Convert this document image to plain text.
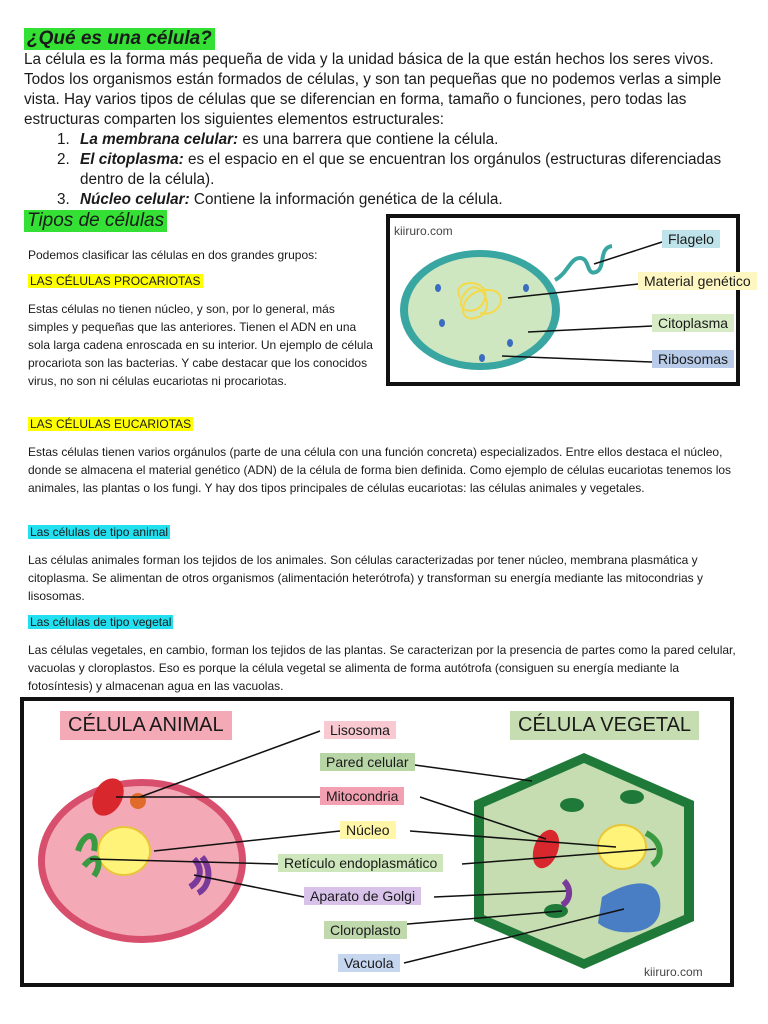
¿Qué es una célula?

La célula es la forma más pequeña de vida y la unidad básica de la que están hechos los seres vivos. Todos los organismos están formados de células, y son tan pequeñas que no podemos verlas a simple vista. Hay varios tipos de células que se diferencian en forma, tamaño o funciones, pero todas las estructuras comparten los siguientes elementos estructurales:

1. La membrana celular: es una barrera que contiene la célula.
2. El citoplasma: es el espacio en el que se encuentran los orgánulos (estructuras diferenciadas dentro de la célula).
3. Núcleo celular: Contiene la información genética de la célula.
Tipos de células
Podemos clasificar las células en dos grandes grupos:
LAS CÉLULAS PROCARIOTAS
Estas células no tienen núcleo, y son, por lo general, más simples y pequeñas que las anteriores. Tienen el ADN en una sola larga cadena enroscada en su interior. Un ejemplo de célula procariota son las bacterias. Y cabe destacar que los conocidos virus, no son ni células eucariotas ni procariotas.
LAS CÉLULAS EUCARIOTAS
Estas células tienen varios orgánulos (parte de una célula con una función concreta) especializados. Entre ellos destaca el núcleo, donde se almacena el material genético (ADN) de la célula de forma bien definida. Como ejemplo de células eucariotas tenemos los animales, las plantas o los fungi. Y hay dos tipos principales de células eucariotas: las células animales y vegetales.
Las células de tipo animal
Las células animales forman los tejidos de los animales. Son células caracterizadas por tener núcleo, membrana plasmática y citoplasma. Se alimentan de otros organismos (alimentación heterótrofa) y transforman su energía mediante las mitocondrias y lisosomas.
Las células de tipo vegetal
Las células vegetales, en cambio, forman los tejidos de las plantas. Se caracterizan por la presencia de partes como la pared celular, vacuolas y cloroplastos. Eso es porque la célula vegetal se alimenta de forma autótrofa (consiguen su energía mediante la fotosíntesis) y almacenan agua en las vacuolas.
kiiruro.com	Flagelo
Material genético
Citoplasma
Ribosomas
CÉLULA ANIMAL	CÉLULA VEGETAL
Lisosoma
Pared celular
Mitocondria
Núcleo
Retículo endoplasmático
Aparato de Golgi
Cloroplasto
Vacuola
kiiruro.com
